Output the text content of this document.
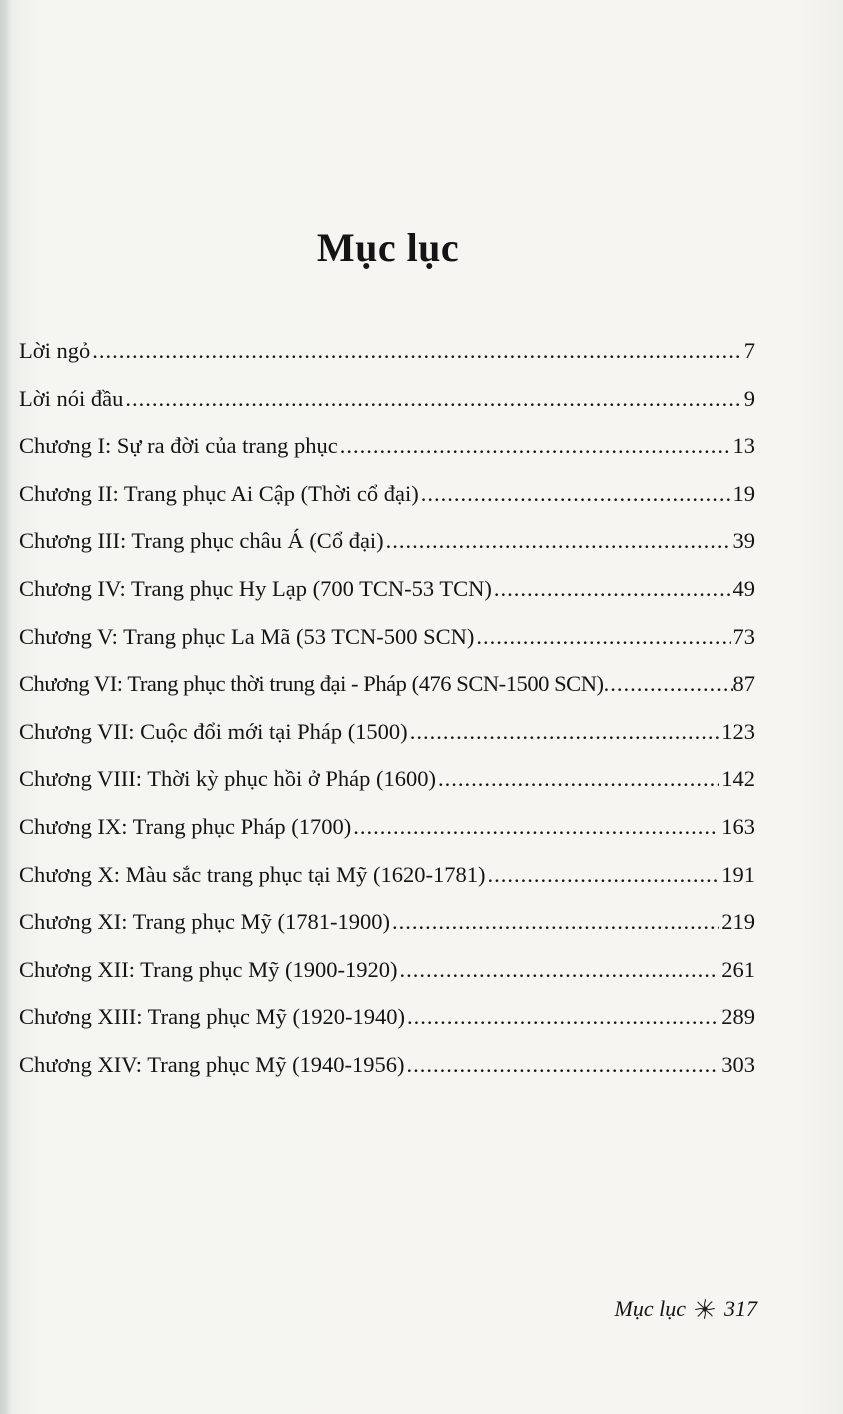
Mục lục
Lời ngỏ .....	7
Lời nói đầu .....	9
Chương I: Sự ra đời của trang phục .....	13
Chương II: Trang phục Ai Cập (Thời cổ đại) .....	19
Chương III: Trang phục châu Á (Cổ đại) .....	39
Chương IV: Trang phục Hy Lạp (700 TCN-53 TCN) .....	49
Chương V: Trang phục La Mã (53 TCN-500 SCN) .....	73
Chương VI: Trang phục thời trung đại - Pháp (476 SCN-1500 SCN) .....	87
Chương VII: Cuộc đổi mới tại Pháp (1500) .....	123
Chương VIII: Thời kỳ phục hồi ở Pháp (1600) .....	142
Chương IX: Trang phục Pháp (1700) .....	163
Chương X: Màu sắc trang phục tại Mỹ (1620-1781) .....	191
Chương XI: Trang phục Mỹ (1781-1900) .....	219
Chương XII: Trang phục Mỹ (1900-1920) .....	261
Chương XIII: Trang phục Mỹ (1920-1940) .....	289
Chương XIV: Trang phục Mỹ (1940-1956) .....	303
Mục lục 317
